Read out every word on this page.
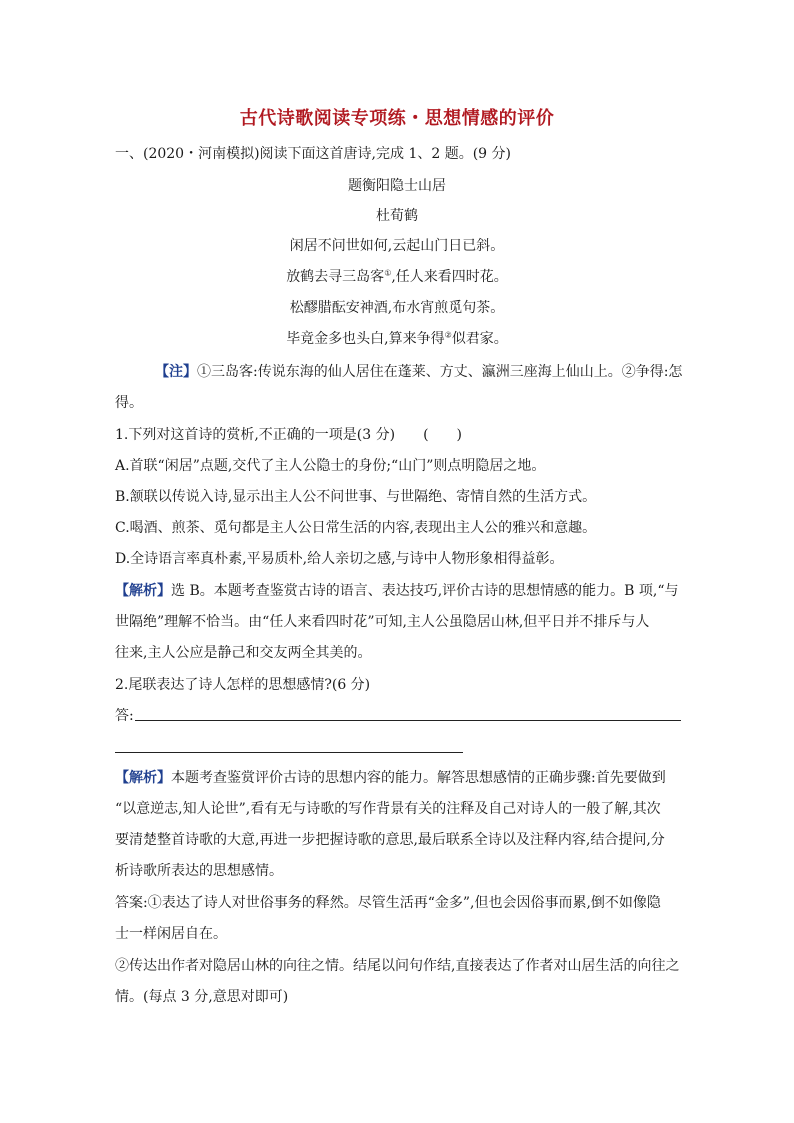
古代诗歌阅读专项练・思想情感的评价
一、(2020・河南模拟)阅读下面这首唐诗,完成 1、2 题。(9 分)
题衡阳隐士山居
杜荀鹤
闲居不问世如何,云起山门日已斜。
放鹤去寻三岛客①,任人来看四时花。
松醪腊酝安神酒,布水宵煎觅句茶。
毕竟金多也头白,算来争得②似君家。
【注】①三岛客:传说东海的仙人居住在蓬莱、方丈、瀛洲三座海上仙山上。②争得:怎
得。
1.下列对这首诗的赏析,不正确的一项是(3 分)　　(　　)
A.首联“闲居”点题,交代了主人公隐士的身份;“山门”则点明隐居之地。
B.颔联以传说入诗,显示出主人公不问世事、与世隔绝、寄情自然的生活方式。
C.喝酒、煎茶、觅句都是主人公日常生活的内容,表现出主人公的雅兴和意趣。
D.全诗语言率真朴素,平易质朴,给人亲切之感,与诗中人物形象相得益彰。
【解析】选 B。本题考查鉴赏古诗的语言、表达技巧,评价古诗的思想情感的能力。B 项,“与
世隔绝”理解不恰当。由“任人来看四时花”可知,主人公虽隐居山林,但平日并不排斥与人
往来,主人公应是静己和交友两全其美的。
2.尾联表达了诗人怎样的思想感情?(6 分)
答:
【解析】本题考查鉴赏评价古诗的思想内容的能力。解答思想感情的正确步骤:首先要做到
“以意逆志,知人论世”,看有无与诗歌的写作背景有关的注释及自己对诗人的一般了解,其次
要清楚整首诗歌的大意,再进一步把握诗歌的意思,最后联系全诗以及注释内容,结合提问,分
析诗歌所表达的思想感情。
答案:①表达了诗人对世俗事务的释然。尽管生活再“金多”,但也会因俗事而累,倒不如像隐
士一样闲居自在。
②传达出作者对隐居山林的向往之情。结尾以问句作结,直接表达了作者对山居生活的向往之
情。(每点 3 分,意思对即可)
